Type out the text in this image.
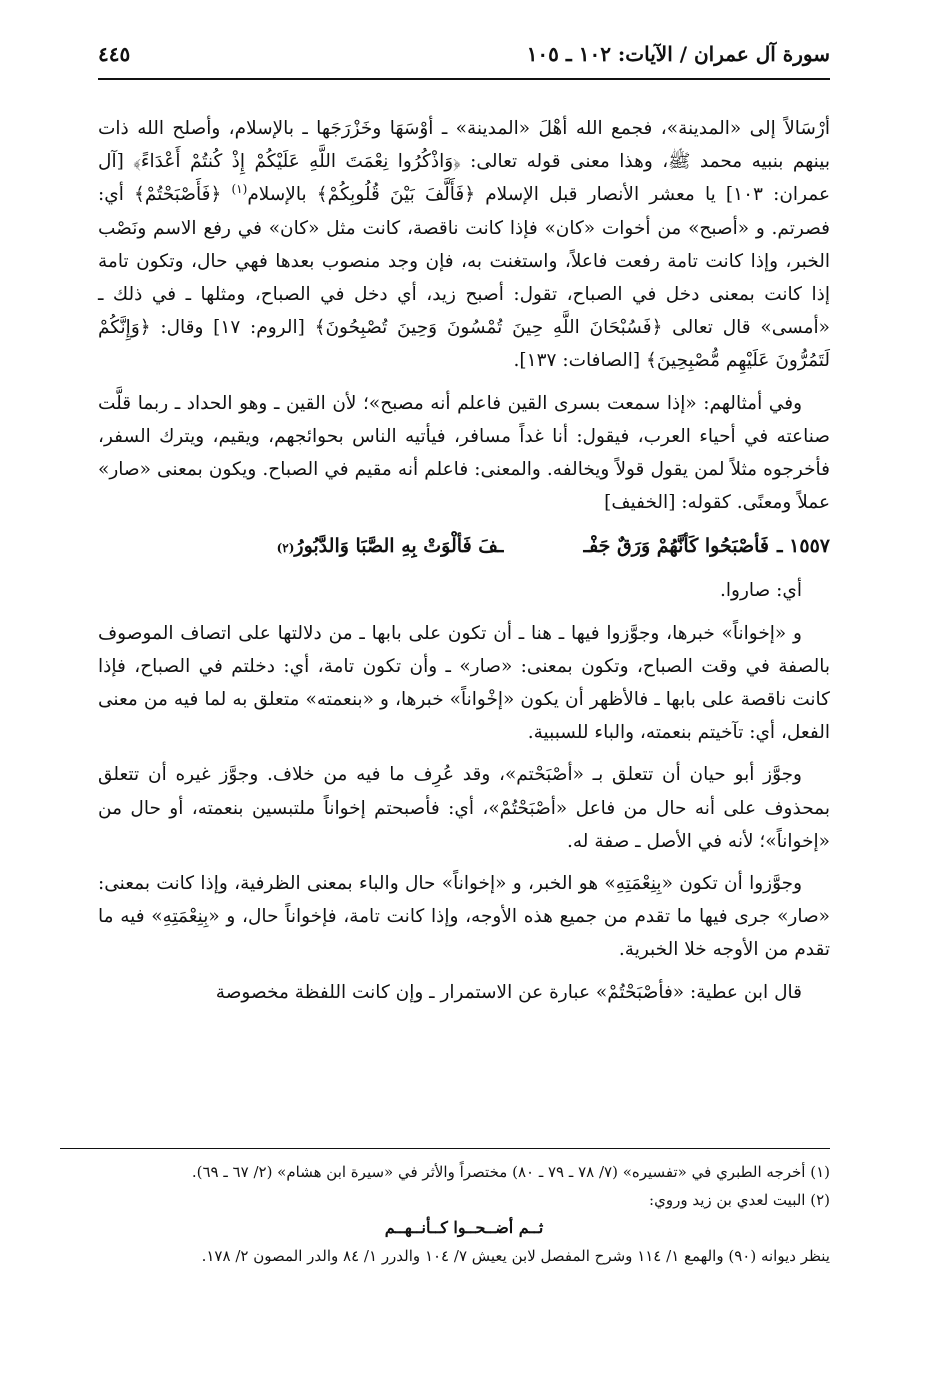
سورة آل عمران / الآيات: ١٠٢ ـ ١٠٥
٤٤٥

أرْسَالاً إلى «المدينة»، فجمع الله أهْلَ «المدينة» ـ أوْسَهَا وخَزْرَجَها ـ بالإسلام، وأصلح الله ذات بينهم بنبيه محمد ﷺ، وهذا معنى قوله تعالى: ﴿وَاذْكُرُوا نِعْمَتَ اللَّهِ عَلَيْكُمْ إِذْ كُنتُمْ أَعْدَاءً﴾ [آل عمران: ١٠٣] يا معشر الأنصار قبل الإسلام ﴿فَأَلَّفَ بَيْنَ قُلُوبِكُمْ﴾ بالإسلام$^{(١)}$ ﴿فَأَصْبَحْتُمْ﴾ أي: فصرتم. و «أصبح» من أخوات «كان» فإذا كانت ناقصة، كانت مثل «كان» في رفع الاسم ونَصْب الخبر، وإذا كانت تامة رفعت فاعلاً، واستغنت به، فإن وجد منصوب بعدها فهي حال، وتكون تامة إذا كانت بمعنى دخل في الصباح، تقول: أصبح زيد، أي دخل في الصباح، ومثلها ـ في ذلك ـ «أمسى» قال تعالى ﴿فَسُبْحَانَ اللَّهِ حِينَ تُمْسُونَ وَحِينَ تُصْبِحُونَ﴾ [الروم: ١٧] وقال: ﴿وَإِنَّكُمْ لَتَمُرُّونَ عَلَيْهِم مُّصْبِحِينَ﴾ [الصافات: ١٣٧].

وفي أمثالهم: «إذا سمعت بسرى القين فاعلم أنه مصبح»؛ لأن القين ـ وهو الحداد ـ ربما قلَّت صناعته في أحياء العرب، فيقول: أنا غداً مسافر، فيأتيه الناس بحوائجهم، ويقيم، ويترك السفر، فأخرجوه مثلاً لمن يقول قولاً ويخالفه. والمعنى: فاعلم أنه مقيم في الصباح. ويكون بمعنى «صار» عملاً ومعنًى. كقوله: [الخفيف]

١٥٥٧ ـ
فَأصْبَحُوا كَأنَّهُمْ وَرَقٌ جَفْـ
ـفَ فَألْوَتْ بِهِ الصَّبَا وَالدَّبُورُ
(٢)

أي: صاروا.

و «إخواناً» خبرها، وجوَّزوا فيها ـ هنا ـ أن تكون على بابها ـ من دلالتها على اتصاف الموصوف بالصفة في وقت الصباح، وتكون بمعنى: «صار» ـ وأن تكون تامة، أي: دخلتم في الصباح، فإذا كانت ناقصة على بابها ـ فالأظهر أن يكون «إخْواناً» خبرها، و «بنعمته» متعلق به لما فيه من معنى الفعل، أي: تآخيتم بنعمته، والباء للسببية.

وجوَّز أبو حيان أن تتعلق بـ «أصْبَحْتم»، وقد عُرِف ما فيه من خلاف. وجوَّز غيره أن تتعلق بمحذوف على أنه حال من فاعل «أصْبَحْتُمْ»، أي: فأصبحتم إخواناً ملتبسين بنعمته، أو حال من «إخواناً»؛ لأنه في الأصل ـ صفة له.

وجوَّزوا أن تكون «بِنِعْمَتِهِ» هو الخبر، و «إخواناً» حال والباء بمعنى الظرفية، وإذا كانت بمعنى: «صار» جرى فيها ما تقدم من جميع هذه الأوجه، وإذا كانت تامة، فإخواناً حال، و «بِنِعْمَتِهِ» فيه ما تقدم من الأوجه خلا الخبرية.

قال ابن عطية: «فأصْبَحْتُمْ» عبارة عن الاستمرار ـ وإن كانت اللفظة مخصوصة

(١) أخرجه الطبري في «تفسيره» (٧/ ٧٨ ـ ٧٩ ـ ٨٠) مختصراً والأثر في «سيرة ابن هشام» (٢/ ٦٧ ـ ٦٩).
(٢) البيت لعدي بن زيد وروي:
ثــم أضــحــوا كــأنــهــم
ينظر ديوانه (٩٠) والهمع ١/ ١١٤ وشرح المفصل لابن يعيش ٧/ ١٠٤ والدرر ١/ ٨٤ والدر المصون ٢/ ١٧٨.
